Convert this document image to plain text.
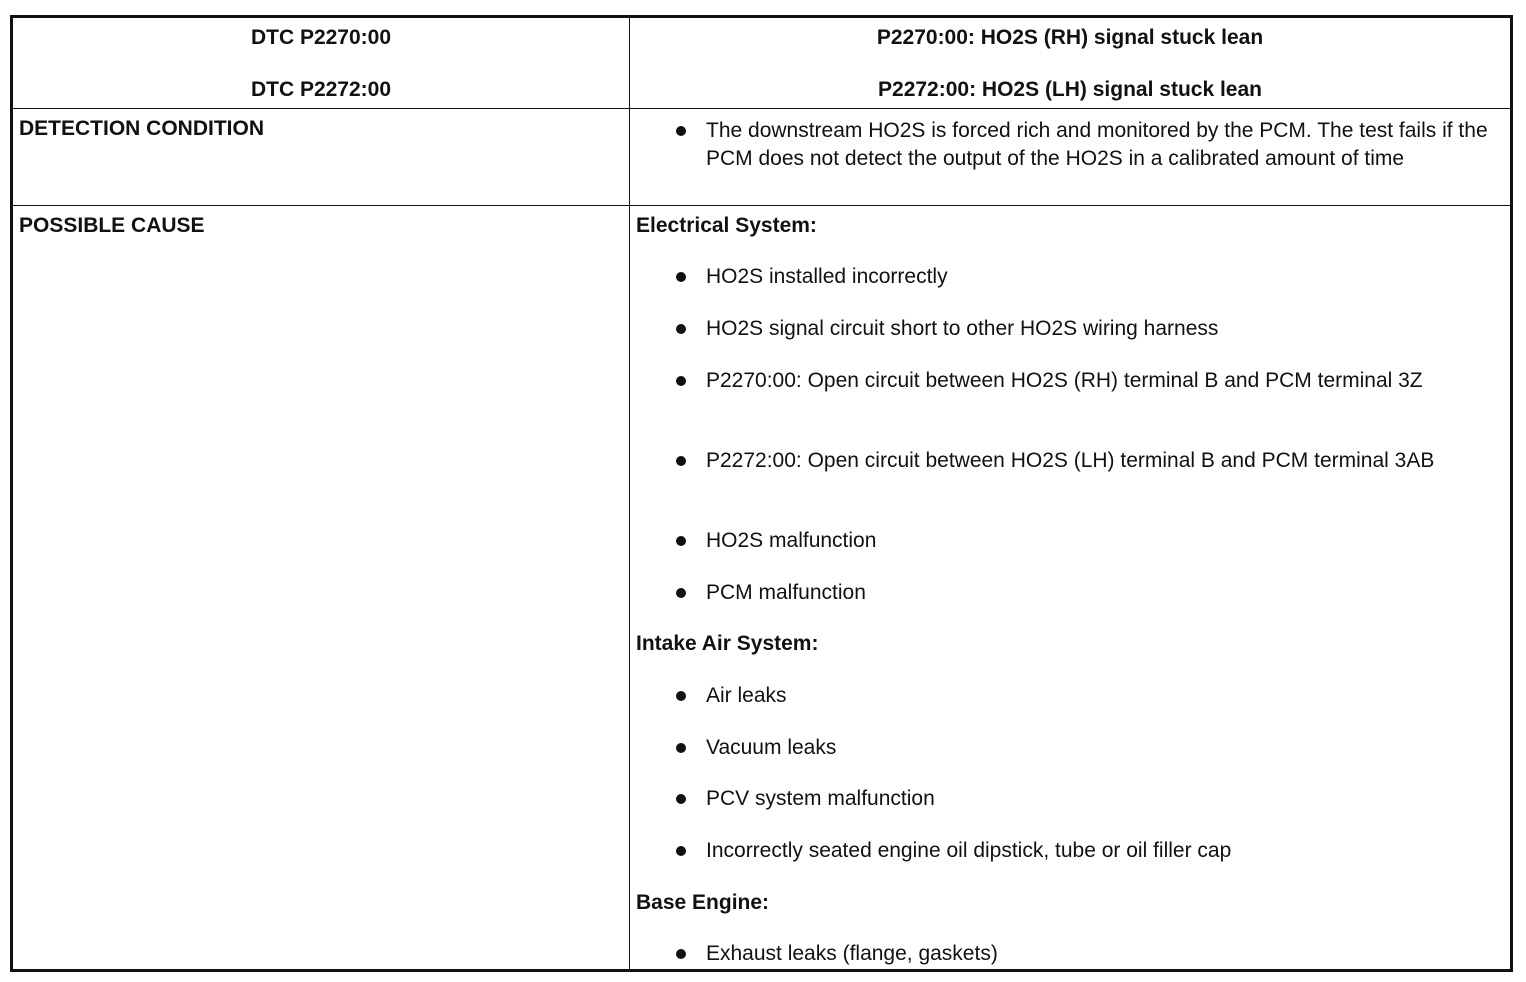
DTC P2270:00
DTC P2272:00
P2270:00: HO2S (RH) signal stuck lean
P2272:00: HO2S (LH) signal stuck lean
DETECTION CONDITION	The downstream HO2S is forced rich and monitored by the PCM. The test fails if the PCM does not detect the output of the HO2S in a calibrated amount of time
POSSIBLE CAUSE	Electrical System:
HO2S installed incorrectly
HO2S signal circuit short to other HO2S wiring harness
P2270:00: Open circuit between HO2S (RH) terminal B and PCM terminal 3Z
P2272:00: Open circuit between HO2S (LH) terminal B and PCM terminal 3AB
HO2S malfunction
PCM malfunction
Intake Air System:
Air leaks
Vacuum leaks
PCV system malfunction
Incorrectly seated engine oil dipstick, tube or oil filler cap
Base Engine:
Exhaust leaks (flange, gaskets)
